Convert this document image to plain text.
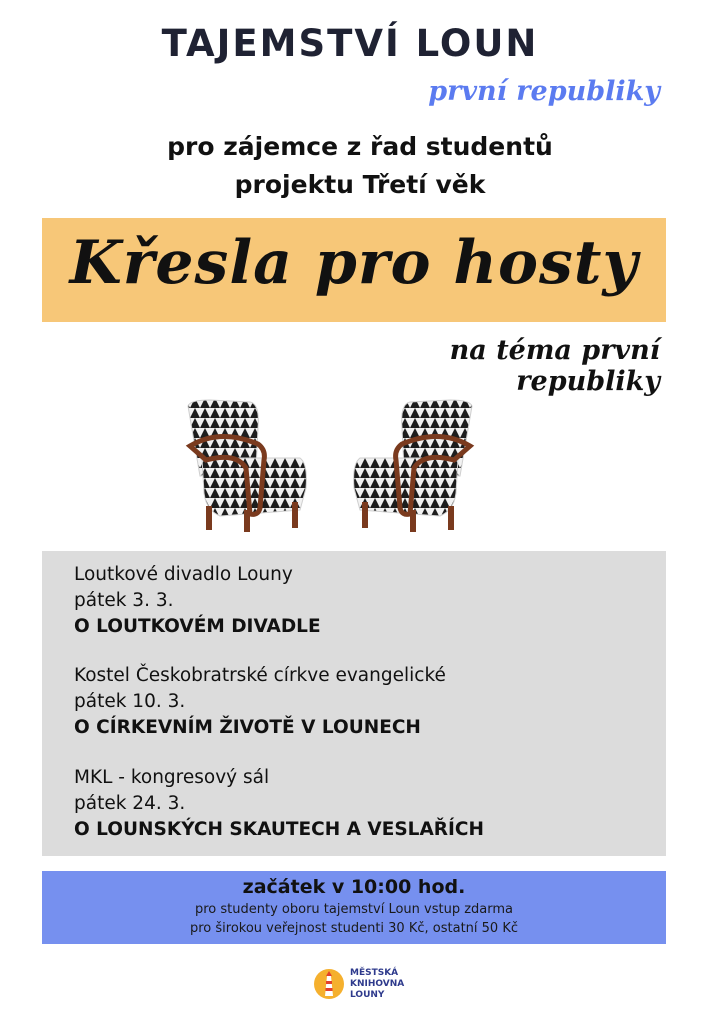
TAJEMSTVÍ LOUN
první republiky
pro zájemce z řad studentů
projektu Třetí věk
Křesla pro hosty
na téma první republiky
Loutkové divadlo Louny
pátek 3. 3.
O LOUTKOVÉM DIVADLE
Kostel Českobratrské církve evangelické
pátek 10. 3.
O CÍRKEVNÍM ŽIVOTĚ V LOUNECH
MKL - kongresový sál
pátek 24. 3.
O LOUNSKÝCH SKAUTECH A VESLAŘÍCH
začátek v 10:00 hod.
pro studenty oboru tajemství Loun vstup zdarma
pro širokou veřejnost studenti 30 Kč, ostatní 50 Kč
MĚSTSKÁ
KNIHOVNA
LOUNY
